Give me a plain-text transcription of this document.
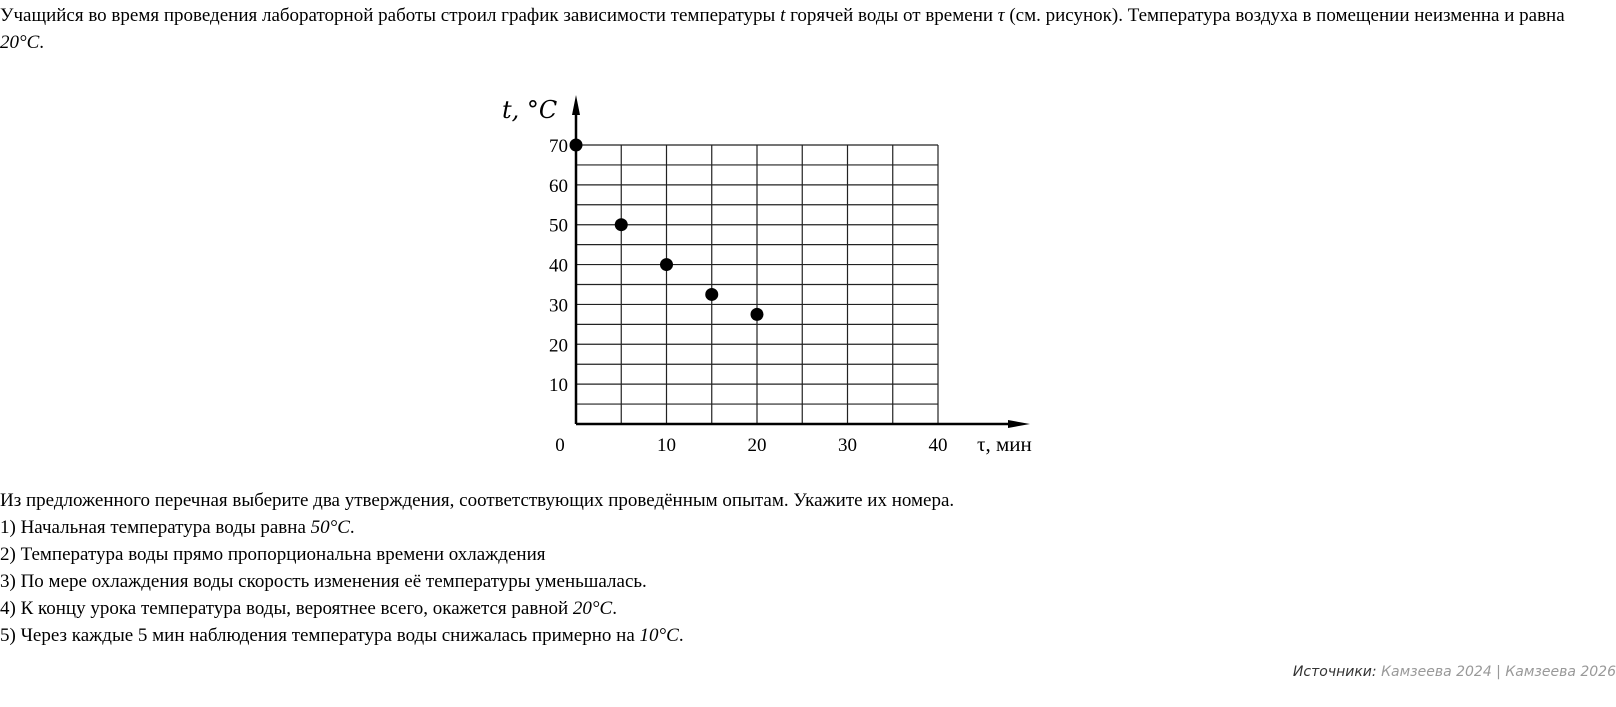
Учащийся во время проведения лабораторной работы строил график зависимости температуры t горячей воды от времени τ (см. рисунок). Температура воздуха в помещении неизменна и равна 20°C.
10
20
30
40
50
60
70
0	10	20	30	40
t, °C
τ, мин
Из предложенного перечная выберите два утверждения, соответствующих проведённым опытам. Укажите их номера.
1) Начальная температура воды равна 50°C.
2) Температура воды прямо пропорциональна времени охлаждения
3) По мере охлаждения воды скорость изменения её температуры уменьшалась.
4) К концу урока температура воды, вероятнее всего, окажется равной 20°C.
5) Через каждые 5 мин наблюдения температура воды снижалась примерно на 10°C.
Источники: Камзеева 2024 | Камзеева 2026
